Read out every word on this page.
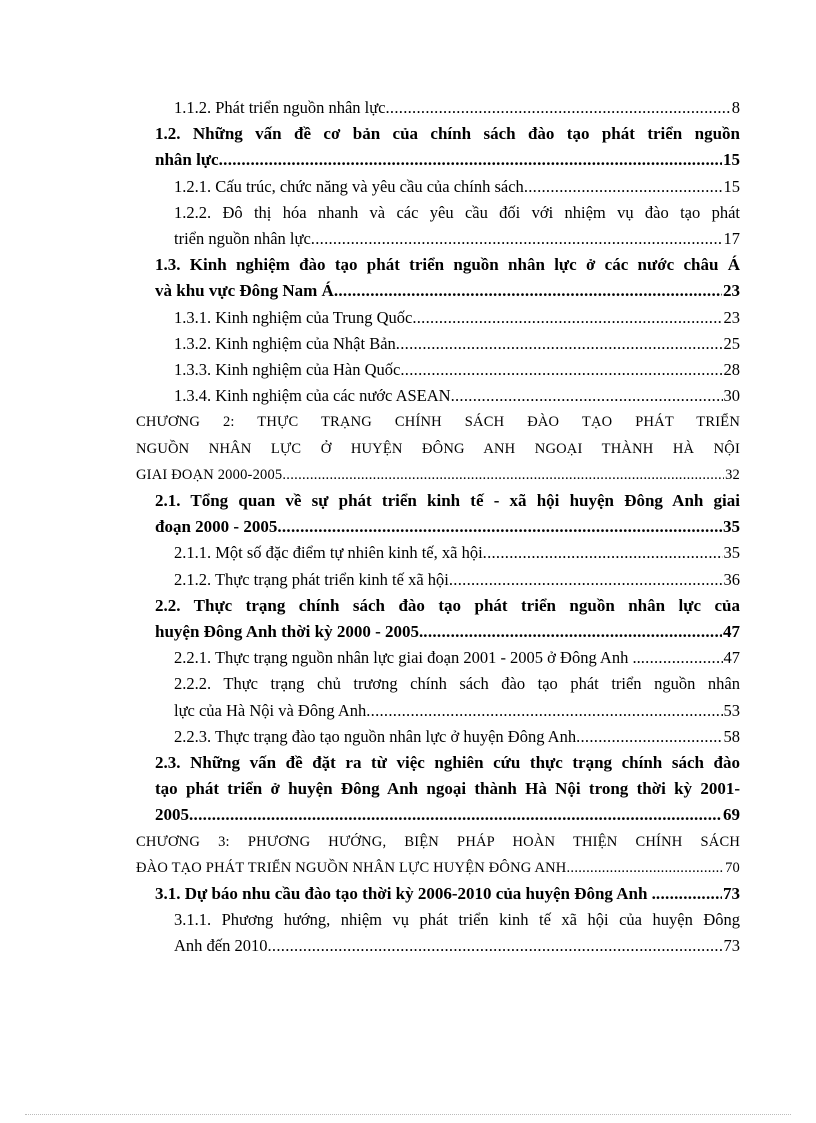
1.1.2. Phát triển nguồn nhân lực .....	8
1.2. Những vấn đề cơ bản của chính sách đào tạo phát triển nguồn
nhân lực .....	15
1.2.1. Cấu trúc, chức năng và yêu cầu của chính sách .....	15
1.2.2. Đô thị hóa nhanh và các yêu cầu đối với nhiệm vụ đào tạo phát
triển nguồn nhân lực .....	17
1.3. Kinh nghiệm đào tạo phát triển nguồn nhân lực ở các nước châu Á
và khu vực Đông Nam Á .....	23
1.3.1. Kinh nghiệm của Trung Quốc .....	23
1.3.2. Kinh nghiệm của Nhật Bản .....	25
1.3.3. Kinh nghiệm của Hàn Quốc .....	28
1.3.4. Kinh nghiệm của các nước ASEAN .....	30
CHƯƠNG 2: THỰC TRẠNG CHÍNH SÁCH ĐÀO TẠO PHÁT TRIỂN
NGUỒN NHÂN LỰC Ở HUYỆN ĐÔNG ANH NGOẠI THÀNH HÀ NỘI
GIAI ĐOẠN 2000-2005 .....	32
2.1. Tổng quan về sự phát triển kinh tế - xã hội huyện Đông Anh giai
đoạn 2000 - 2005 .....	35
2.1.1. Một số đặc điểm tự nhiên kinh tế, xã hội .....	35
2.1.2. Thực trạng phát triển kinh tế xã hội .....	36
2.2. Thực trạng chính sách đào tạo phát triển nguồn nhân lực của
huyện Đông Anh thời kỳ 2000 - 2005. .....	47
2.2.1. Thực trạng nguồn nhân lực giai đoạn 2001 - 2005 ở Đông Anh .. .....	47
2.2.2. Thực trạng chủ trương chính sách đào tạo phát triển nguồn nhân
lực của Hà Nội và Đông Anh .....	53
2.2.3. Thực trạng đào tạo nguồn nhân lực ở huyện Đông Anh .....	58
2.3. Những vấn đề đặt ra từ việc nghiên cứu thực trạng chính sách đào
tạo phát triển ở huyện Đông Anh ngoại thành Hà Nội trong thời kỳ 2001-
2005 .....	69
CHƯƠNG 3: PHƯƠNG HƯỚNG, BIỆN PHÁP HOÀN THIỆN CHÍNH SÁCH
ĐÀO TẠO PHÁT TRIỂN NGUỒN NHÂN LỰC HUYỆN ĐÔNG ANH .....	70
3.1. Dự báo nhu cầu đào tạo thời kỳ 2006-2010 của huyện Đông Anh . .....	73
3.1.1. Phương hướng, nhiệm vụ phát triển kinh tế xã hội của huyện Đông
Anh đến 2010 .....	73
